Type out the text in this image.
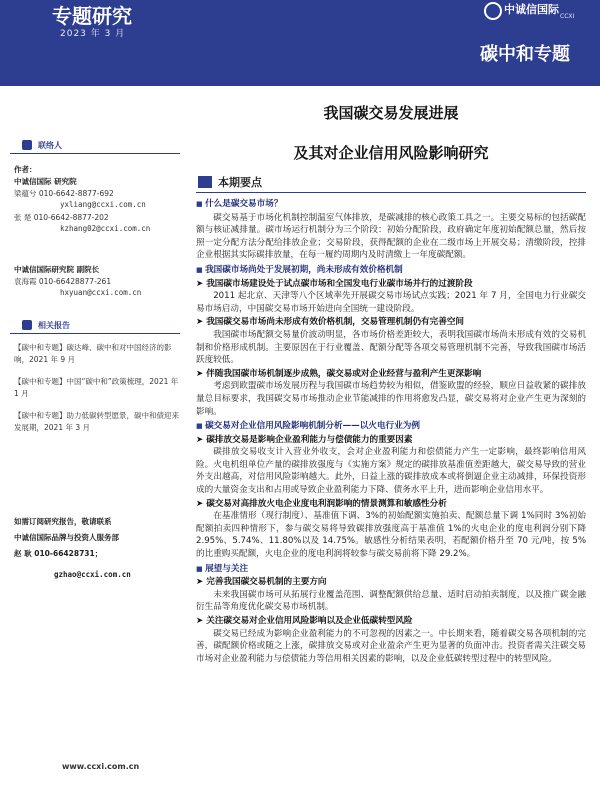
专题研究
2023 年 3 月
中诚信国际
CCXI
碳中和专题
联络人
作者：
中诚信国际 研究院
梁蕴兮 010-6642-8877-692
yxliang@ccxi.com.cn
张 楚 010-6642-8877-202
kzhang02@ccxi.com.cn
中诚信国际研究院 副院长
袁海霞 010-66428877-261
hxyuan@ccxi.com.cn
相关报告
【碳中和专题】碳达峰、碳中和对中国经济的影响，2021 年 9 月
【碳中和专题】中国“碳中和”政策梳理，2021 年 1 月
【碳中和专题】助力低碳转型愿景，碳中和债迎来发展期，2021 年 3 月
如需订阅研究报告，敬请联系
中诚信国际品牌与投资人服务部
赵 耿 010-66428731；
gzhao@ccxi.com.cn
我国碳交易发展进展
及其对企业信用风险影响研究
本期要点
■ 什么是碳交易市场？

碳交易基于市场化机制控制温室气体排放，是碳减排的核心政策工具之一。主要交易标的包括碳配额与核证减排量。碳市场运行机制分为三个阶段：初始分配阶段，政府确定年度初始配额总量，然后按照一定分配方法分配给排放企业；交易阶段，获得配额的企业在二级市场上开展交易；清缴阶段，控排企业根据其实际碳排放量，在每一履约周期内及时清缴上一年度碳配额。

■ 我国碳市场尚处于发展初期，尚未形成有效价格机制
➤ 我国碳市场建设处于试点碳市场和全国发电行业碳市场并行的过渡阶段

2011 起北京、天津等八个区域率先开展碳交易市场试点实践；2021 年 7 月，全国电力行业碳交易市场启动，中国碳交易市场开始进向全国统一建设阶段。

➤ 我国碳交易市场尚未形成有效价格机制，交易管理机制仍有完善空间

我国碳市场配额交易量价波动明显，各市场价格差距较大，表明我国碳市场尚未形成有效的交易机制和价格形成机制。主要原因在于行业覆盖、配额分配等各项交易管理机制不完善，导致我国碳市场活跃度较低。

➤ 伴随我国碳市场机制逐步成熟，碳交易或对企业经营与盈利产生更深影响

考虑到欧盟碳市场发展历程与我国碳市场趋势较为相似，借鉴欧盟的经验，顺应日益收紧的碳排放量总目标要求，我国碳交易市场推动企业节能减排的作用将愈发凸显，碳交易将对企业产生更为深刻的影响。

■ 碳交易对企业信用风险影响机制分析——以火电行业为例
➤ 碳排放交易是影响企业盈利能力与偿债能力的重要因素

碳排放交易收支计入营业外收支，会对企业盈利能力和偿债能力产生一定影响，最终影响信用风险。火电机组单位产量的碳排放强度与《实施方案》规定的碳排放基准值差距越大，碳交易导致的营业外支出越高，对信用风险影响越大。此外，日益上涨的碳排放成本或将倒逼企业主动减排，环保投资形成的大量资金支出和占用或导致企业盈利能力下降、债务水平上升，进而影响企业信用水平。

➤ 碳交易对高排放火电企业度电利润影响的情景测算和敏感性分析

在基准情形（现行制度）、基准值下调、3%的初始配额实施拍卖、配额总量下调 1%同时 3%初始配额拍卖四种情形下，参与碳交易将导致碳排放强度高于基准值 1%的火电企业的度电利润分别下降 2.95%、5.74%、11.80%以及 14.75%。敏感性分析结果表明，若配额价格升至 70 元/吨，按 5%的比重购买配额，火电企业的度电利润将较参与碳交易前将下降 29.2%。

■ 展望与关注
➤ 完善我国碳交易机制的主要方向

未来我国碳市场可从拓展行业覆盖范围、调整配额供给总量、适时启动拍卖制度，以及推广碳金融衍生品等角度优化碳交易市场机制。

➤ 关注碳交易对企业信用风险影响以及企业低碳转型风险

碳交易已经成为影响企业盈利能力的不可忽视的因素之一。中长期来看，随着碳交易各项机制的完善，碳配额价格或随之上涨，碳排放交易或对企业盈余产生更为显著的负面冲击。投资者需关注碳交易市场对企业盈利能力与偿债能力等信用相关因素的影响，以及企业低碳转型过程中的转型风险。

www.ccxi.com.cn
